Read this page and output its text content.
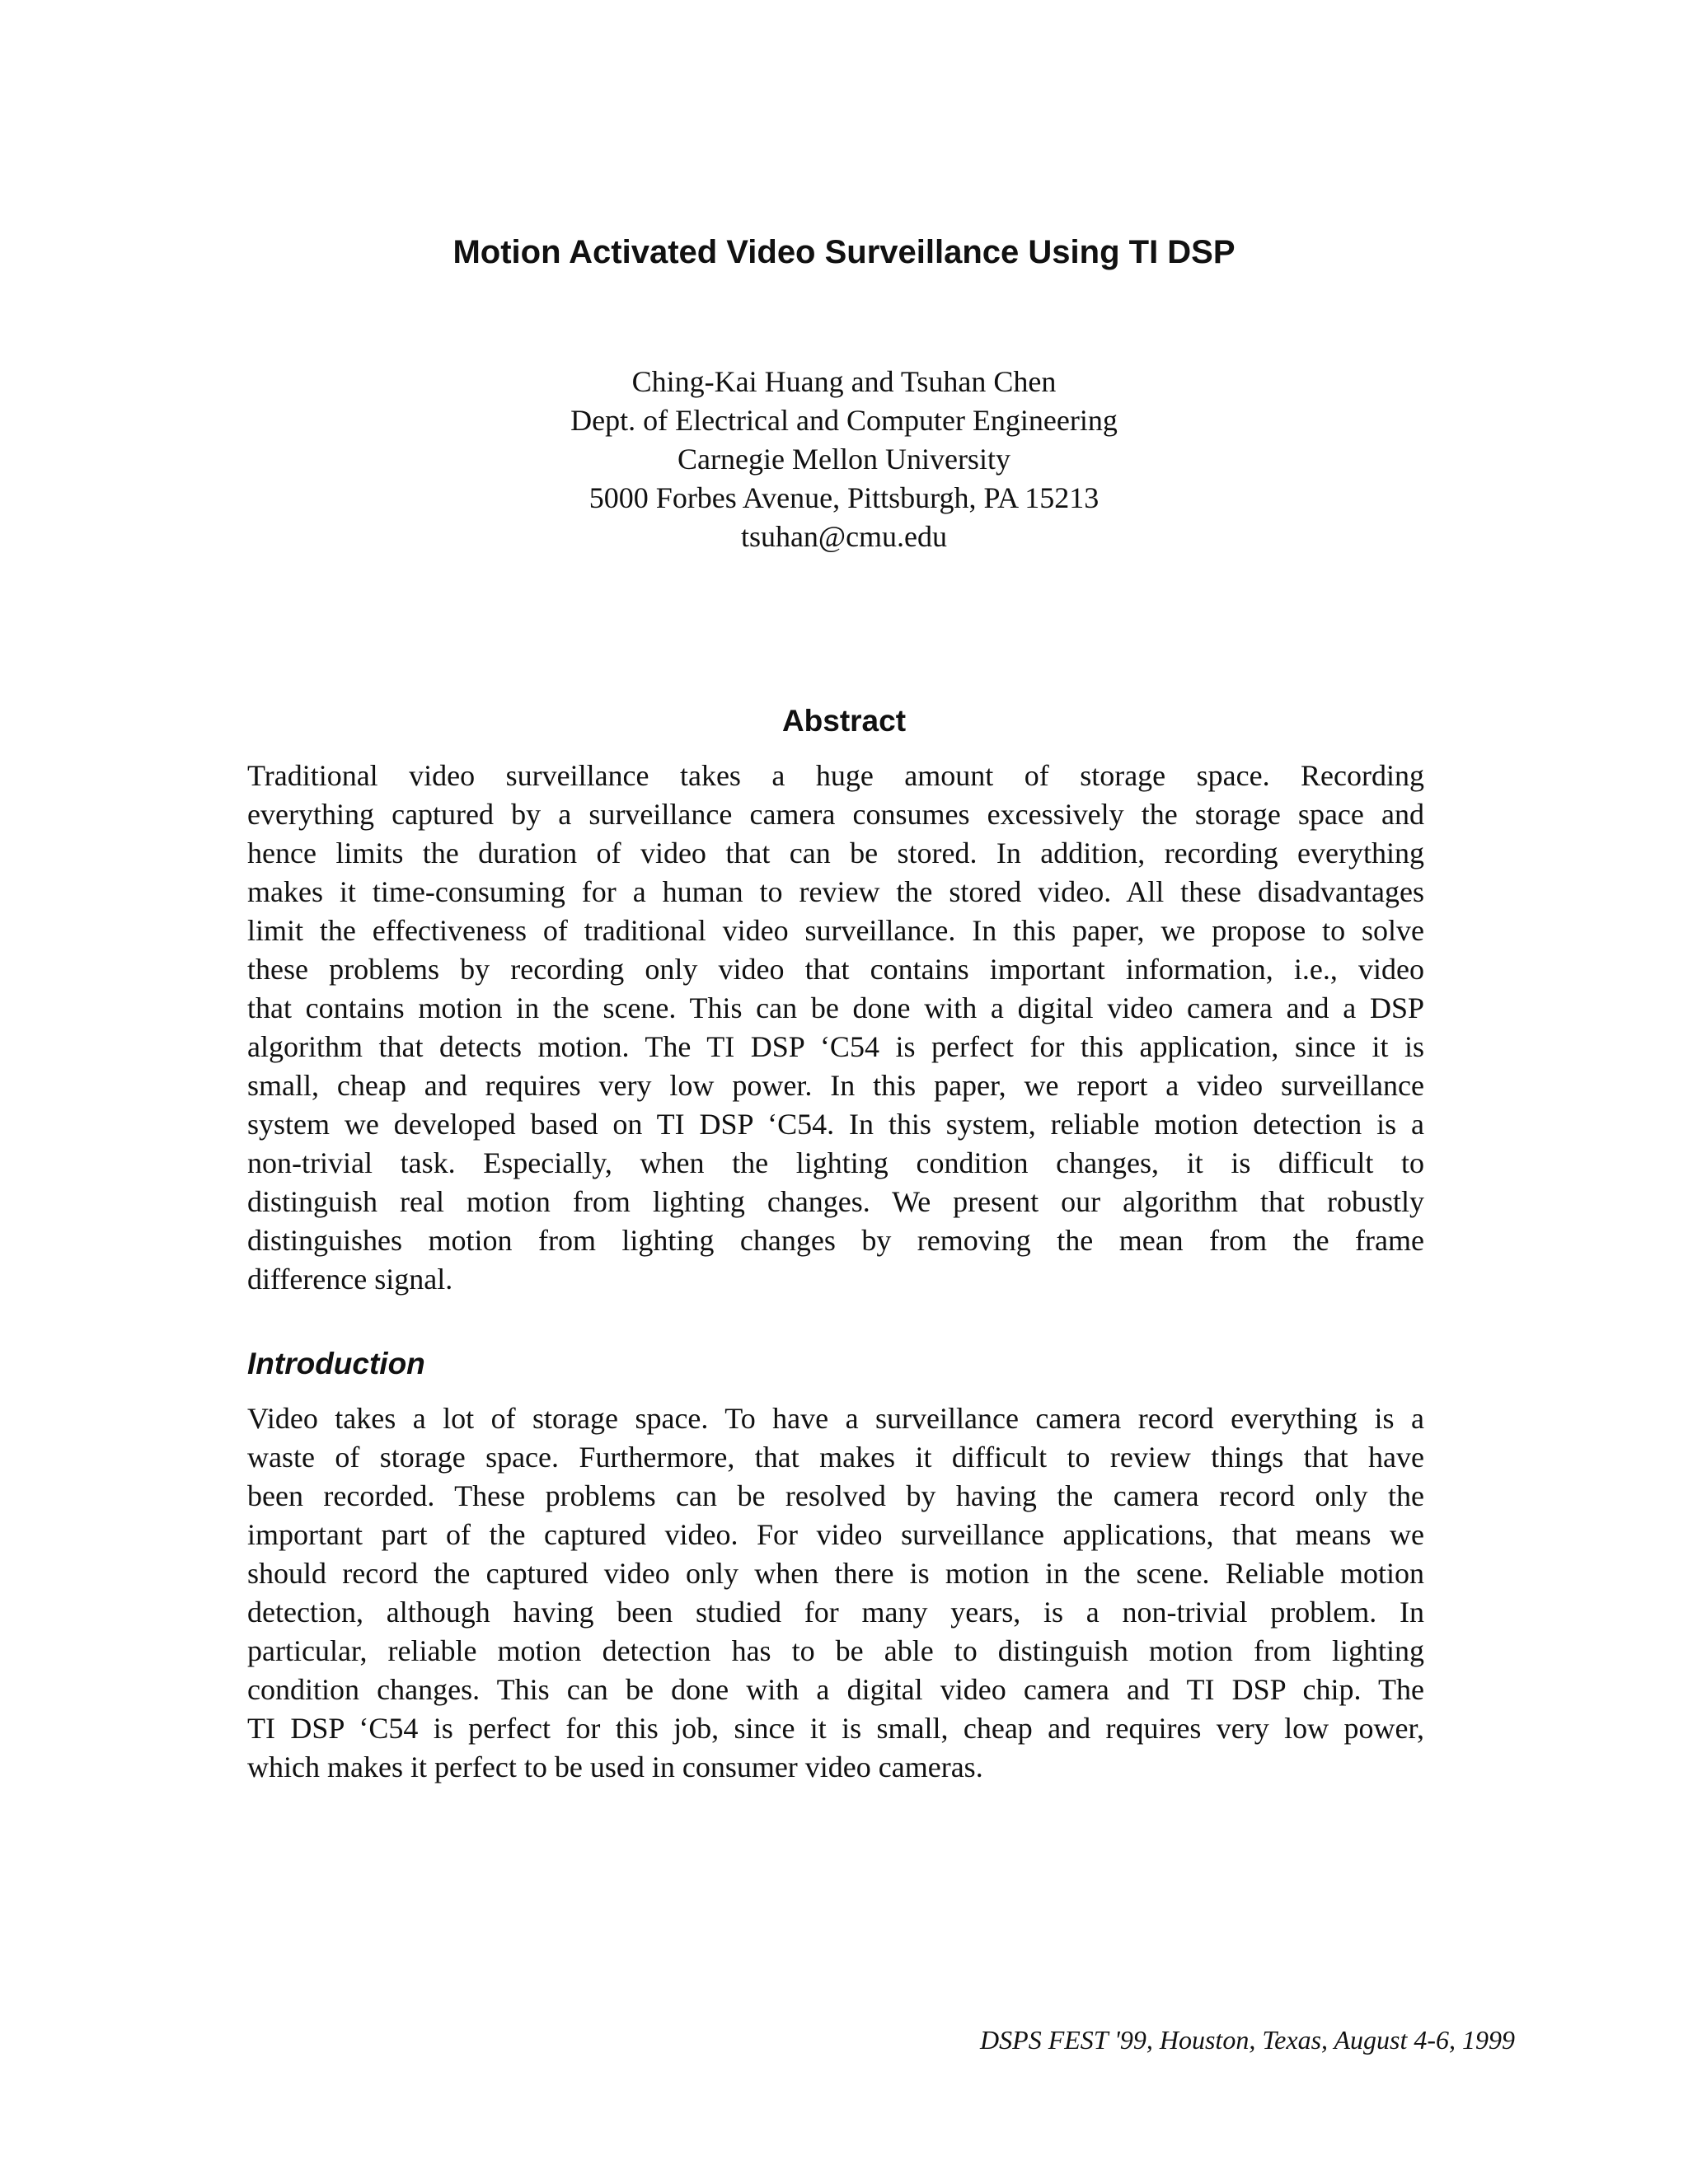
Motion Activated Video Surveillance Using TI DSP
Ching-Kai Huang and Tsuhan Chen
Dept. of Electrical and Computer Engineering
Carnegie Mellon University
5000 Forbes Avenue, Pittsburgh, PA 15213
tsuhan@cmu.edu
Abstract
Traditional video surveillance takes a huge amount of storage space. Recording
everything captured by a surveillance camera consumes excessively the storage space and
hence limits the duration of video that can be stored. In addition, recording everything
makes it time-consuming for a human to review the stored video. All these disadvantages
limit the effectiveness of traditional video surveillance. In this paper, we propose to solve
these problems by recording only video that contains important information, i.e., video
that contains motion in the scene. This can be done with a digital video camera and a DSP
algorithm that detects motion. The TI DSP ‘C54 is perfect for this application, since it is
small, cheap and requires very low power. In this paper, we report a video surveillance
system we developed based on TI DSP ‘C54. In this system, reliable motion detection is a
non-trivial task. Especially, when the lighting condition changes, it is difficult to
distinguish real motion from lighting changes. We present our algorithm that robustly
distinguishes motion from lighting changes by removing the mean from the frame
difference signal.
Introduction
Video takes a lot of storage space. To have a surveillance camera record everything is a
waste of storage space. Furthermore, that makes it difficult to review things that have
been recorded. These problems can be resolved by having the camera record only the
important part of the captured video. For video surveillance applications, that means we
should record the captured video only when there is motion in the scene. Reliable motion
detection, although having been studied for many years, is a non-trivial problem. In
particular, reliable motion detection has to be able to distinguish motion from lighting
condition changes. This can be done with a digital video camera and TI DSP chip. The
TI DSP ‘C54 is perfect for this job, since it is small, cheap and requires very low power,
which makes it perfect to be used in consumer video cameras.
DSPS FEST '99, Houston, Texas, August 4-6, 1999
